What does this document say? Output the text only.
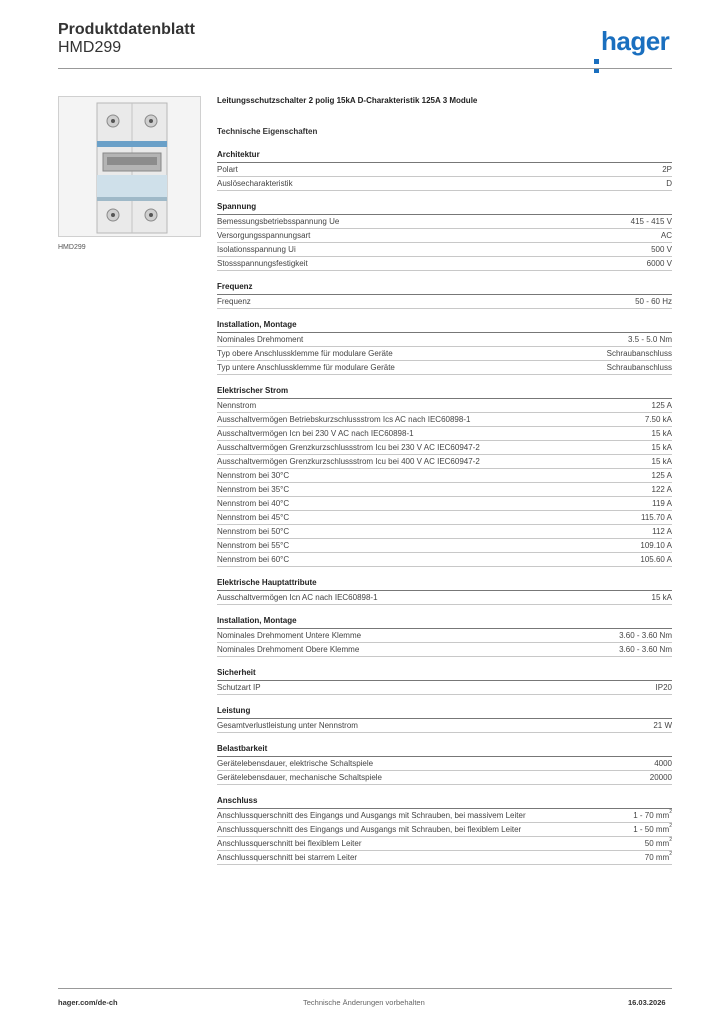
Produktdatenblatt
HMD299	hager
HMD299
Leitungsschutzschalter 2 polig 15kA D-Charakteristik 125A 3 Module
Technische Eigenschaften
Architektur
Polart	2P
Auslösecharakteristik	D
Spannung
Bemessungsbetriebsspannung Ue	415 - 415 V
Versorgungsspannungsart	AC
Isolationsspannung Ui	500 V
Stossspannungsfestigkeit	6000 V
Frequenz
Frequenz	50 - 60 Hz
Installation, Montage
Nominales Drehmoment	3.5 - 5.0 Nm
Typ obere Anschlussklemme für modulare Geräte	Schraubanschluss
Typ untere Anschlussklemme für modulare Geräte	Schraubanschluss
Elektrischer Strom
Nennstrom	125 A
Ausschaltvermögen Betriebskurzschlussstrom Ics AC nach IEC60898-1	7.50 kA
Ausschaltvermögen Icn bei 230 V AC nach IEC60898-1	15 kA
Ausschaltvermögen Grenzkurzschlussstrom Icu bei 230 V AC IEC60947-2	15 kA
Ausschaltvermögen Grenzkurzschlussstrom Icu bei 400 V AC IEC60947-2	15 kA
Nennstrom bei 30°C	125 A
Nennstrom bei 35°C	122 A
Nennstrom bei 40°C	119 A
Nennstrom bei 45°C	115.70 A
Nennstrom bei 50°C	112 A
Nennstrom bei 55°C	109.10 A
Nennstrom bei 60°C	105.60 A
Elektrische Hauptattribute
Ausschaltvermögen Icn AC nach IEC60898-1	15 kA
Installation, Montage
Nominales Drehmoment Untere Klemme	3.60 - 3.60 Nm
Nominales Drehmoment Obere Klemme	3.60 - 3.60 Nm
Sicherheit
Schutzart IP	IP20
Leistung
Gesamtverlustleistung unter Nennstrom	21 W
Belastbarkeit
Gerätelebensdauer, elektrische Schaltspiele	4000
Gerätelebensdauer, mechanische Schaltspiele	20000
Anschluss
Anschlussquerschnitt des Eingangs und Ausgangs mit Schrauben, bei massivem Leiter	1 - 70 $mm^2$
Anschlussquerschnitt des Eingangs und Ausgangs mit Schrauben, bei flexiblem Leiter	1 - 50 $mm^2$
Anschlussquerschnitt bei flexiblem Leiter	50 $mm^2$
Anschlussquerschnitt bei starrem Leiter	70 $mm^2$
hager.com/de-ch	Technische Änderungen vorbehalten	16.03.2026
